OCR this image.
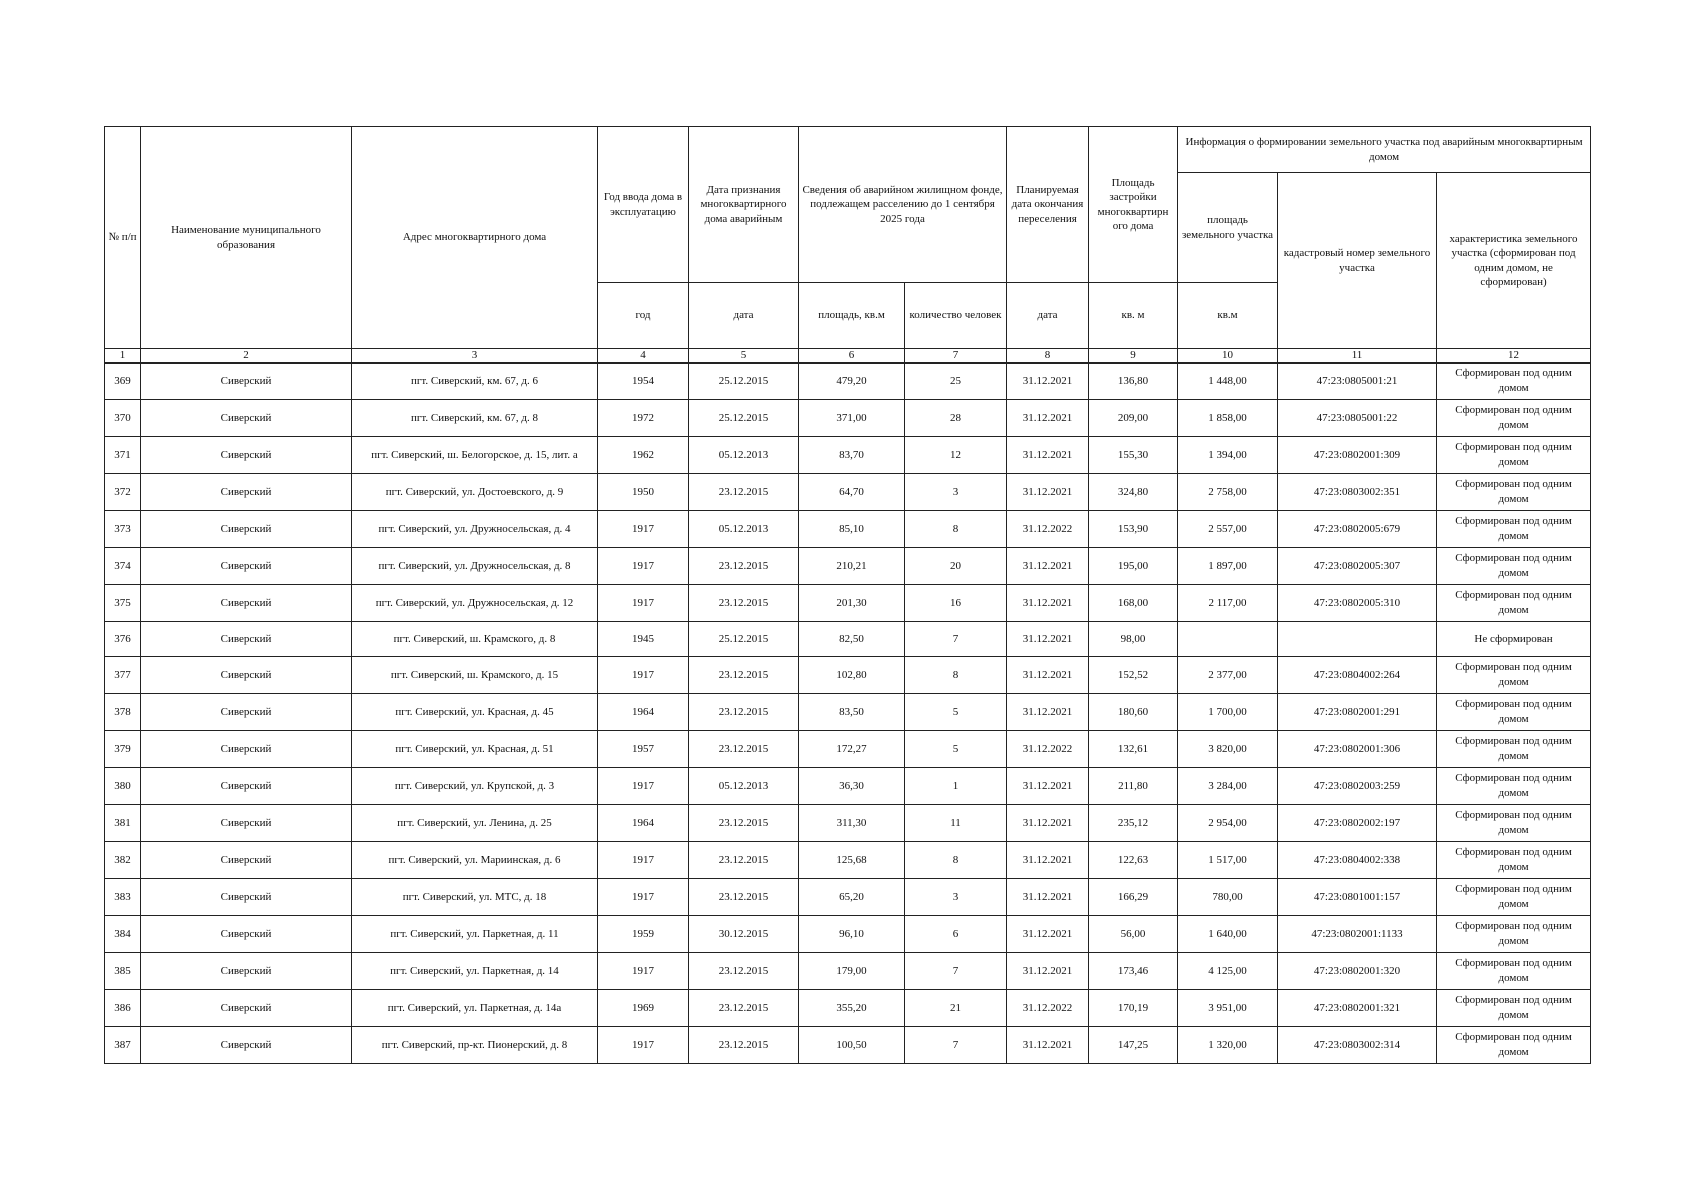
№ п/п	Наименование муниципального образования	Адрес многоквартирного дома	Год ввода дома в эксплуатацию	Дата признания многоквартирного дома аварийным	Сведения об аварийном жилищном фонде, подлежащем расселению до 1 сентября 2025 года		Планируемая дата окончания переселения	Площадь застройки многоквартирн ого дома	Информация о формировании земельного участка под аварийным многоквартирным домом		
									площадь земельного участка	кадастровый номер земельного участка	характеристика земельного участка (сформирован под одним домом, не сформирован)
			год	дата	площадь, кв.м	количество человек	дата	кв. м	кв.м		
1	2	3	4	5	6	7	8	9	10	11	12
369	Сиверский	пгт. Сиверский, км. 67, д. 6	1954	25.12.2015	479,20	25	31.12.2021	136,80	1 448,00	47:23:0805001:21	Сформирован под одним домом
370	Сиверский	пгт. Сиверский, км. 67, д. 8	1972	25.12.2015	371,00	28	31.12.2021	209,00	1 858,00	47:23:0805001:22	Сформирован под одним домом
371	Сиверский	пгт. Сиверский, ш. Белогорское, д. 15, лит. а	1962	05.12.2013	83,70	12	31.12.2021	155,30	1 394,00	47:23:0802001:309	Сформирован под одним домом
372	Сиверский	пгт. Сиверский, ул. Достоевского, д. 9	1950	23.12.2015	64,70	3	31.12.2021	324,80	2 758,00	47:23:0803002:351	Сформирован под одним домом
373	Сиверский	пгт. Сиверский, ул. Дружносельская, д. 4	1917	05.12.2013	85,10	8	31.12.2022	153,90	2 557,00	47:23:0802005:679	Сформирован под одним домом
374	Сиверский	пгт. Сиверский, ул. Дружносельская, д. 8	1917	23.12.2015	210,21	20	31.12.2021	195,00	1 897,00	47:23:0802005:307	Сформирован под одним домом
375	Сиверский	пгт. Сиверский, ул. Дружносельская, д. 12	1917	23.12.2015	201,30	16	31.12.2021	168,00	2 117,00	47:23:0802005:310	Сформирован под одним домом
376	Сиверский	пгт. Сиверский, ш. Крамского, д. 8	1945	25.12.2015	82,50	7	31.12.2021	98,00			Не сформирован
377	Сиверский	пгт. Сиверский, ш. Крамского, д. 15	1917	23.12.2015	102,80	8	31.12.2021	152,52	2 377,00	47:23:0804002:264	Сформирован под одним домом
378	Сиверский	пгт. Сиверский, ул. Красная, д. 45	1964	23.12.2015	83,50	5	31.12.2021	180,60	1 700,00	47:23:0802001:291	Сформирован под одним домом
379	Сиверский	пгт. Сиверский, ул. Красная, д. 51	1957	23.12.2015	172,27	5	31.12.2022	132,61	3 820,00	47:23:0802001:306	Сформирован под одним домом
380	Сиверский	пгт. Сиверский, ул. Крупской, д. 3	1917	05.12.2013	36,30	1	31.12.2021	211,80	3 284,00	47:23:0802003:259	Сформирован под одним домом
381	Сиверский	пгт. Сиверский, ул. Ленина, д. 25	1964	23.12.2015	311,30	11	31.12.2021	235,12	2 954,00	47:23:0802002:197	Сформирован под одним домом
382	Сиверский	пгт. Сиверский, ул. Мариинская, д. 6	1917	23.12.2015	125,68	8	31.12.2021	122,63	1 517,00	47:23:0804002:338	Сформирован под одним домом
383	Сиверский	пгт. Сиверский, ул. МТС, д. 18	1917	23.12.2015	65,20	3	31.12.2021	166,29	780,00	47:23:0801001:157	Сформирован под одним домом
384	Сиверский	пгт. Сиверский, ул. Паркетная, д. 11	1959	30.12.2015	96,10	6	31.12.2021	56,00	1 640,00	47:23:0802001:1133	Сформирован под одним домом
385	Сиверский	пгт. Сиверский, ул. Паркетная, д. 14	1917	23.12.2015	179,00	7	31.12.2021	173,46	4 125,00	47:23:0802001:320	Сформирован под одним домом
386	Сиверский	пгт. Сиверский, ул. Паркетная, д. 14а	1969	23.12.2015	355,20	21	31.12.2022	170,19	3 951,00	47:23:0802001:321	Сформирован под одним домом
387	Сиверский	пгт. Сиверский, пр-кт. Пионерский, д. 8	1917	23.12.2015	100,50	7	31.12.2021	147,25	1 320,00	47:23:0803002:314	Сформирован под одним домом
